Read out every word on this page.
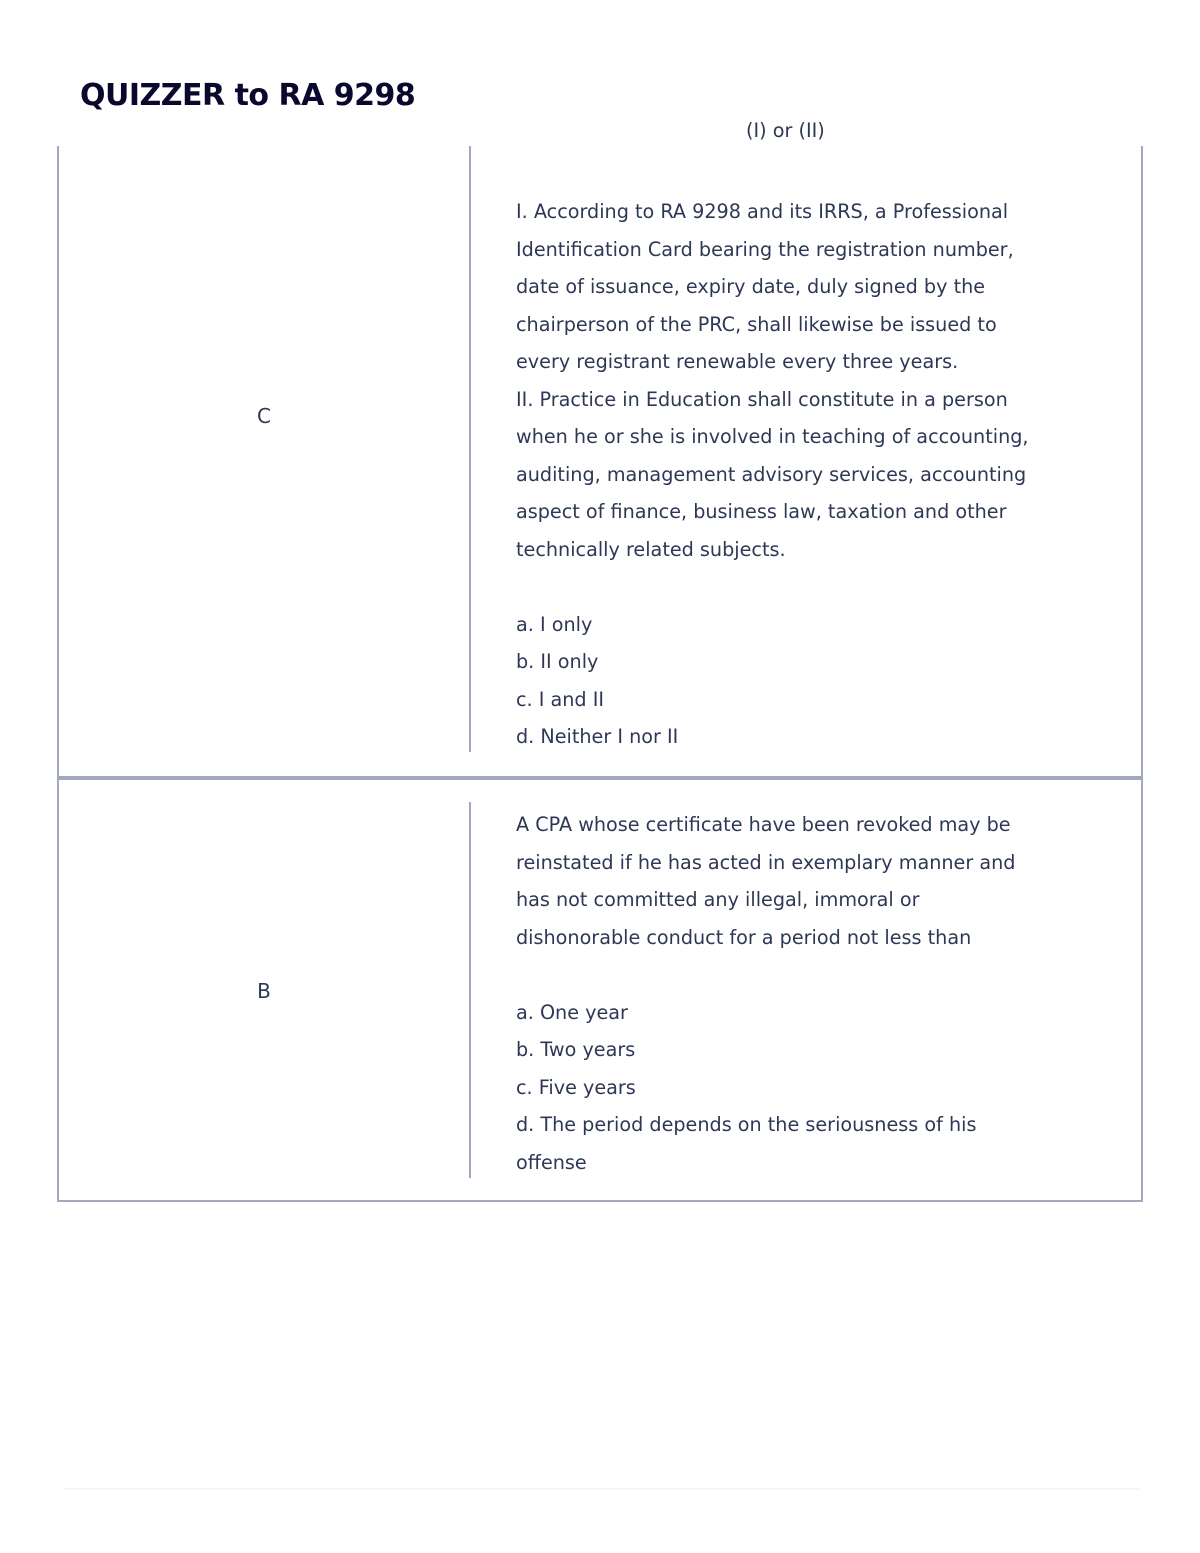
QUIZZER to RA 9298
(I) or (II)
C
I. According to RA 9298 and its IRRS, a Professional
Identification Card bearing the registration number,
date of issuance, expiry date, duly signed by the
chairperson of the PRC, shall likewise be issued to
every registrant renewable every three years.
II. Practice in Education shall constitute in a person
when he or she is involved in teaching of accounting,
auditing, management advisory services, accounting
aspect of finance, business law, taxation and other
technically related subjects.

a. I only
b. II only
c. I and II
d. Neither I nor II
B
A CPA whose certificate have been revoked may be
reinstated if he has acted in exemplary manner and
has not committed any illegal, immoral or
dishonorable conduct for a period not less than

a. One year
b. Two years
c. Five years
d. The period depends on the seriousness of his
offense
